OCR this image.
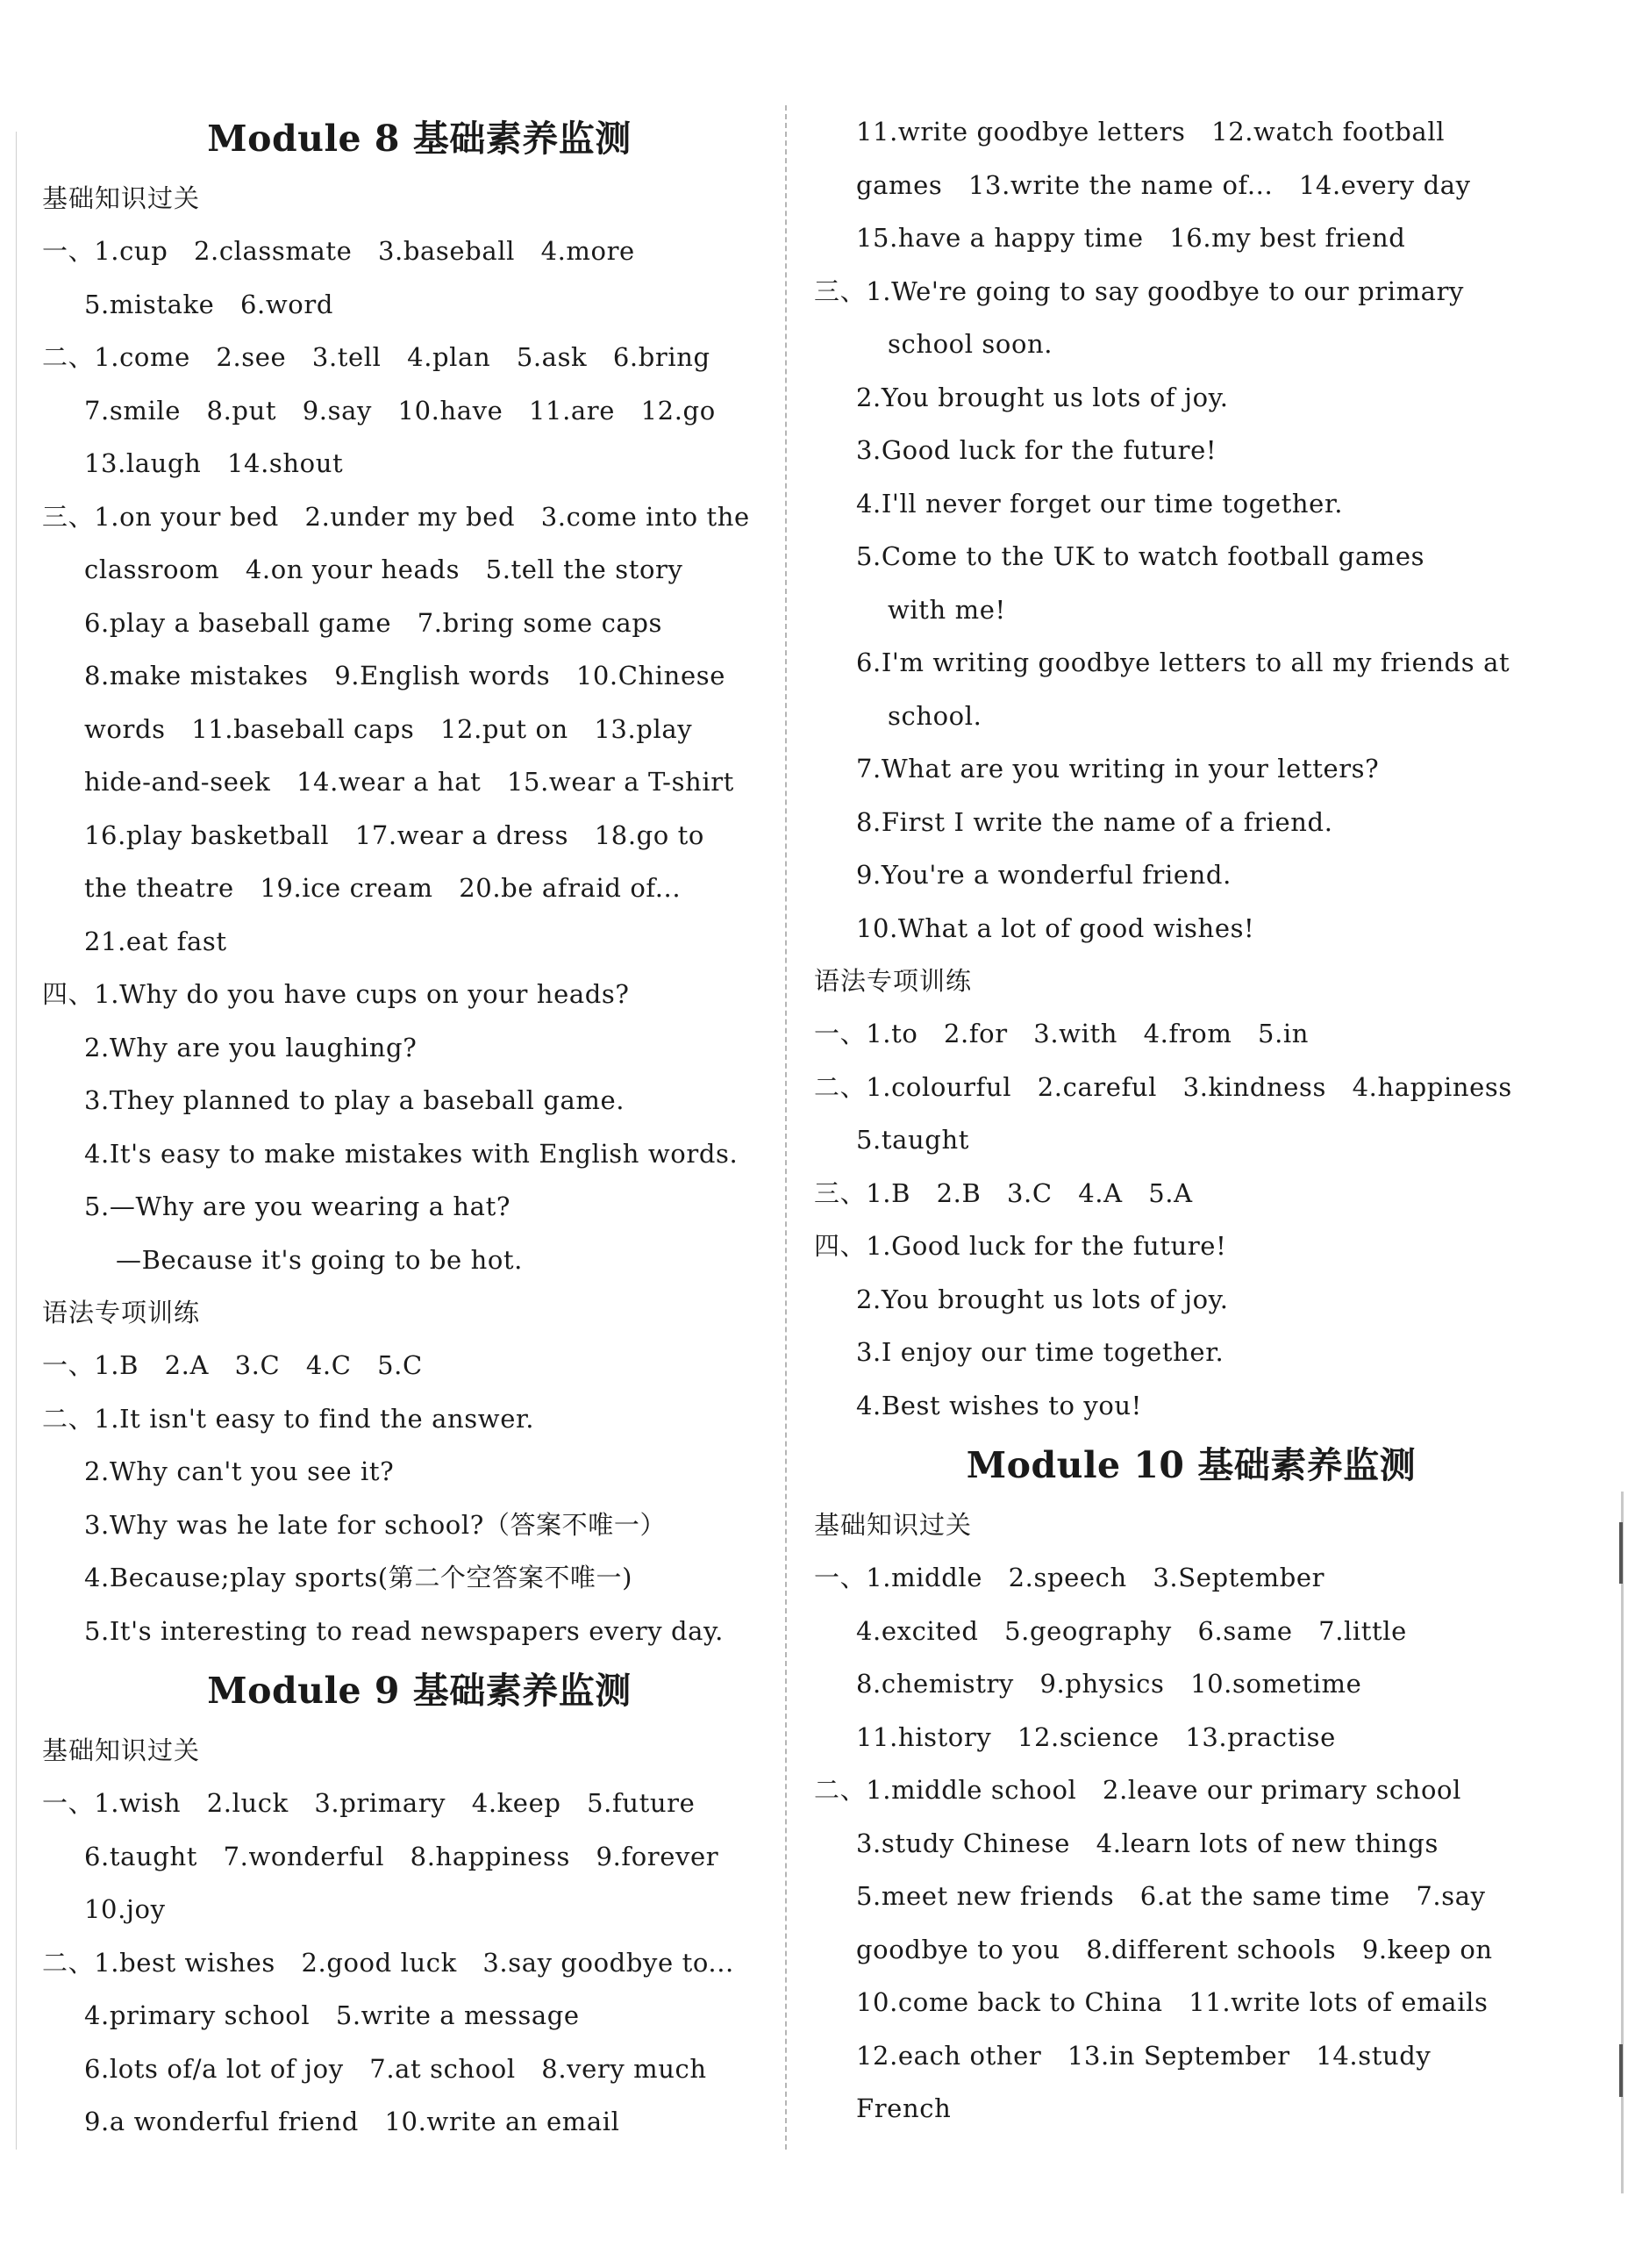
Module 8 基础素养监测
基础知识过关
一、1.cup　2.classmate　3.baseball　4.more
5.mistake　6.word
二、1.come　2.see　3.tell　4.plan　5.ask　6.bring
7.smile　8.put　9.say　10.have　11.are　12.go
13.laugh　14.shout
三、1.on your bed　2.under my bed　3.come into the
classroom　4.on your heads　5.tell the story
6.play a baseball game　7.bring some caps
8.make mistakes　9.English words　10.Chinese
words　11.baseball caps　12.put on　13.play
hide-and-seek　14.wear a hat　15.wear a T-shirt
16.play basketball　17.wear a dress　18.go to
the theatre　19.ice cream　20.be afraid of...
21.eat fast
四、1.Why do you have cups on your heads?
2.Why are you laughing?
3.They planned to play a baseball game.
4.It's easy to make mistakes with English words.
5.—Why are you wearing a hat?
—Because it's going to be hot.
语法专项训练
一、1.B　2.A　3.C　4.C　5.C
二、1.It isn't easy to find the answer.
2.Why can't you see it?
3.Why was he late for school?（答案不唯一）
4.Because;play sports(第二个空答案不唯一)
5.It's interesting to read newspapers every day.
Module 9 基础素养监测
基础知识过关
一、1.wish　2.luck　3.primary　4.keep　5.future
6.taught　7.wonderful　8.happiness　9.forever
10.joy
二、1.best wishes　2.good luck　3.say goodbye to...
4.primary school　5.write a message
6.lots of/a lot of joy　7.at school　8.very much
9.a wonderful friend　10.write an email
11.write goodbye letters　12.watch football
games　13.write the name of...　14.every day
15.have a happy time　16.my best friend
三、1.We're going to say goodbye to our primary
school soon.
2.You brought us lots of joy.
3.Good luck for the future!
4.I'll never forget our time together.
5.Come to the UK to watch football games
with me!
6.I'm writing goodbye letters to all my friends at
school.
7.What are you writing in your letters?
8.First I write the name of a friend.
9.You're a wonderful friend.
10.What a lot of good wishes!
语法专项训练
一、1.to　2.for　3.with　4.from　5.in
二、1.colourful　2.careful　3.kindness　4.happiness
5.taught
三、1.B　2.B　3.C　4.A　5.A
四、1.Good luck for the future!
2.You brought us lots of joy.
3.I enjoy our time together.
4.Best wishes to you!
Module 10 基础素养监测
基础知识过关
一、1.middle　2.speech　3.September
4.excited　5.geography　6.same　7.little
8.chemistry　9.physics　10.sometime
11.history　12.science　13.practise
二、1.middle school　2.leave our primary school
3.study Chinese　4.learn lots of new things
5.meet new friends　6.at the same time　7.say
goodbye to you　8.different schools　9.keep on
10.come back to China　11.write lots of emails
12.each other　13.in September　14.study
French
